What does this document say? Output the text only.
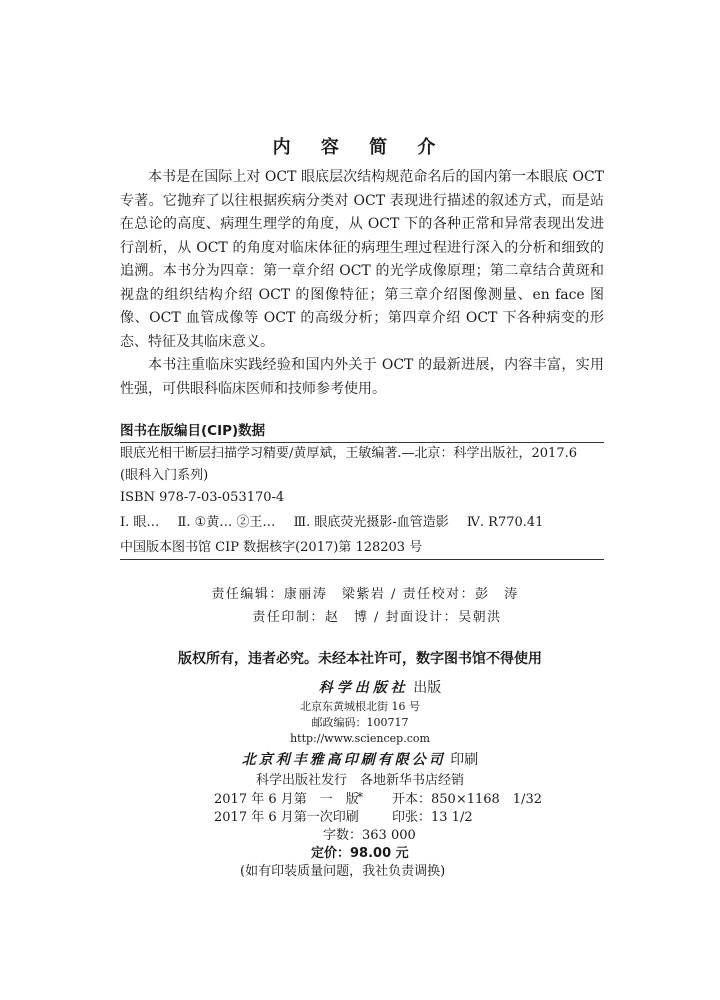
内 容 简 介

本书是在国际上对 OCT 眼底层次结构规范命名后的国内第一本眼底 OCT 专著。它抛弃了以往根据疾病分类对 OCT 表现进行描述的叙述方式，而是站在总论的高度、病理生理学的角度，从 OCT 下的各种正常和异常表现出发进行剖析，从 OCT 的角度对临床体征的病理生理过程进行深入的分析和细致的追溯。本书分为四章：第一章介绍 OCT 的光学成像原理；第二章结合黄斑和视盘的组织结构介绍 OCT 的图像特征；第三章介绍图像测量、en face 图像、OCT 血管成像等 OCT 的高级分析；第四章介绍 OCT 下各种病变的形态、特征及其临床意义。

本书注重临床实践经验和国内外关于 OCT 的最新进展，内容丰富，实用性强，可供眼科临床医师和技师参考使用。

图书在版编目(CIP)数据
眼底光相干断层扫描学习精要/黄厚斌，王敏编著.—北京：科学出版社，2017.6
(眼科入门系列)
ISBN 978-7-03-053170-4
Ⅰ. 眼… Ⅱ. ①黄… ②王… Ⅲ. 眼底荧光摄影-血管造影 Ⅳ. R770.41
中国版本图书馆 CIP 数据核字(2017)第 128203 号
责任编辑：康丽涛　梁紫岩 / 责任校对：彭　涛
责任印制：赵　博 / 封面设计：吴朝洪
版权所有，违者必究。未经本社许可，数字图书馆不得使用
科学出版社 出版
北京东黄城根北街 16 号
邮政编码：100717
http://www.sciencep.com
北京利丰雅高印刷有限公司 印刷
科学出版社发行　各地新华书店经销
*
2017 年 6 月第　一　版	开本：850×1168　1/32
2017 年 6 月第一次印刷	印张：13 1/2
字数：363 000
定价：98.00 元
(如有印装质量问题，我社负责调换)
